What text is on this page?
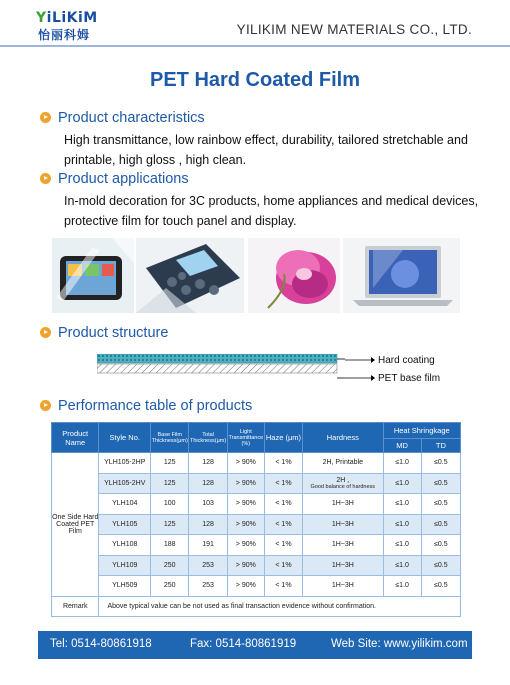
YiLiKiM
怡丽科姆	YILIKIM NEW MATERIALS CO., LTD.
PET Hard Coated Film
Product characteristics
High transmittance, low rainbow effect, durability, tailored stretchable and
printable, high gloss , high clean.
Product applications
In-mold decoration for 3C products, home appliances and medical devices,
protective film for touch panel and display.
Product structure
Hard coating
PET base film
Performance table of products
Product Name	Style No.	Base Film Thickness(μm)	Total Thickness(μm)	Light Transmittance (%)	Haze (μm)	Hardness	Heat Shringkage	
							MD	TD
One Side Hard Coated PET Film	YLH105-2HP	125	128	> 90%	< 1%	2H, Printable	≤1.0	≤0.5
	YLH105-2HV	125	128	> 90%	< 1%	2H ,
Good balance of hardness	≤1.0	≤0.5
	YLH104	100	103	> 90%	< 1%	1H~3H	≤1.0	≤0.5
	YLH105	125	128	> 90%	< 1%	1H~3H	≤1.0	≤0.5
	YLH108	188	191	> 90%	< 1%	1H~3H	≤1.0	≤0.5
	YLH109	250	253	> 90%	< 1%	1H~3H	≤1.0	≤0.5
	YLH509	250	253	> 90%	< 1%	1H~3H	≤1.0	≤0.5
Remark	Above typical value can be not used as final transaction evidence without confirmation.							
Tel: 0514-80861918	Fax: 0514-80861919	Web Site: www.yilikim.com
